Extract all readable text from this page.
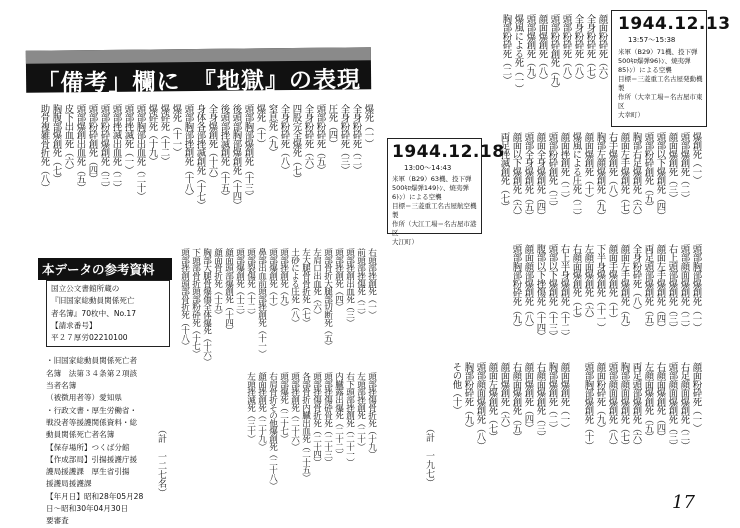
「備考」欄に　『地獄』の表現
1944.12.13
13:57～15:38
米軍（B29）71機、投下弾
500ｷﾛ爆弾96ﾄﾝ、焼夷弾
85ﾄﾝ）による空襲
目標＝三菱重工名古屋発動機製
作所（大幸工場＝名古屋市東区
大幸町）
1944.12.18
13:00～14:43
米軍（B29）63機、投下弾
500ｷﾛ爆弾149ﾄﾝ、焼夷弾
6ﾄﾝ）による空襲
目標＝三菱重工名古屋航空機製
作所（大江工場＝名古屋市港区
大江町）
本データの参考資料
国立公文書館所蔵の
『旧国家総動員関係死亡
者名簿』70枚中、No.17
【請求番号】
平２７厚労02210100
・旧国家総動員関係死亡者
名簿　法第３４条第２項該
当者名簿
（被徴用者等）愛知県
・行政文書・厚生労働省・
戦没者等援護関係資料・総
動員関係死亡者名簿
【保存場所】つくば分館
【作成部局】引揚援護庁援
護局援護課　厚生省引揚
援護局援護課
【年月日】昭和28年05月28
日～昭和30年04月30日
要審査
顔面粉砕死（六）
全身粉砕死（七）
全身粉砕死（八）
頭部粉砕死（八）
頭部粉砕創死（九）
顔面爆創死（八）
頭部爆創死（九）
爆風による死（一）
胸部粉砕死（二）
爆創死（一）
頭部爆創死（二）
顔面爆創死（三）
頭部以下爆創死（四）
頭部粉砕創死（五）
胸部右足爆創死（六）
顔面左手爆創死（七）
右手爆創死（八）
胸部左顔爆創死（九）
顔面爆創死（十）
爆風による圧死（二）
顔面挫創死（二）
頭部粉砕創死（三）
顔面全身爆創死（四）
頭部全身爆創死（五）
顔面以下爆創死（六）
両足挫滅創死（七）
頭部胸部爆創死（一）
頭部顔面爆創死（二）
右上頭部爆創死（三）
顔面左手爆創死（四）
両足頭部爆創死（五）
全身粉砕死（八）
顔面左手爆創死（九）
顔面手爆創死（十）
下半身爆創死（十一）
左顔面爆創死（六）
右顔面爆創死（七）
右上半身爆創死（十二）
頭部以下爆創死（十三）
腹部以下挫傷死（十四）
顔面顔部爆創死（八）
頭部胸部粉砕死（九）
顔面粉砕死（一）
右足顔面爆創死（二）
頭部顔面爆創死（三）
右顔面爆創死（四）
左顔面爆創死（五）
両足頭部爆創死（六）
胸部顔面爆創死（七）
頭部顔面爆創死（八）
顔面粉砕死（九）
頭部胸部爆創死（十）
顔面爆創死（一）
胸部爆創死（二）
右顔面爆創死（三）
顔面爆創死（四）
右顔面爆創死（五）
顔面爆創死（六）
顔面左爆創死（七）
頭部顔面爆創死（八）
胸部粉砕死（九）
その他（十）
（計　一九七）
17
爆死（一）
全身粉砕死（二）
全身粉砕死（三）
圧死（四）
頭部粉砕死（五）
全身粉砕死（六）
四股完全爆死（七）
全身粉砕死（八）
窒息死（九）
爆死（十）
頭部胸部爆創死（十三）
後頭部胸部爆創死（十四）
後頭部挫滅創死（十五）
全身爆創死（十六）
身体各部挫滅創死（十七）
頭部胸部挫創死（十八）
爆死（十一）
爆砕死（十二）
爆砕死（十九）
頭部胸部出血死（二十）
頭部挫滅死（一）
頭部挫滅出血死（二）
頭部粉砕爆創死（三）
頭部粉砕創死（四）
頭部爆創出血死（五）
皮下出血死（六）
胸腹部爆創死（七）
助骨複雑骨折死（八）
右頭部挫創死（一）
前頭部挫傷死（二）
頭部挫創出血死（三）
頭部挫創死（四）
頭部骨折大腿部切断死（五）
左肩口出血死（六）
左大腿骨骨折死（七）
土砂による圧死（八）
頭部挫創死（九）
頭部爆創死（十）
鼻部出血前頭部挫創死（十一）
頭部裂傷死（十二）
頭部爆創死（十三）
顔面頭部爆創死（十四）
顔面骨折死（十五）
胸部大腿骨爆傷全体爆死（十六）
下頭部骨折頭部粉砕死（十七）
頭部挫創頭部骨折死（十八）
頭部挫傷骨折死（十九）
左頭部挫創死（二十）
右下頭部挫創死（二十一）
内臓露出爆死（二十二）
頭部挫傷砕骨死（二十三）
頭部挫傷骨折死（二十四）
各部骨折内臓出血死（二十五）
頭部挫創死（二十六）
頭部爆死（二十七）
右肩骨折その他爆創死（二十八）
顔面挫創死（二十九）
左頭挫滅死（三十）
（計　一二七名）
